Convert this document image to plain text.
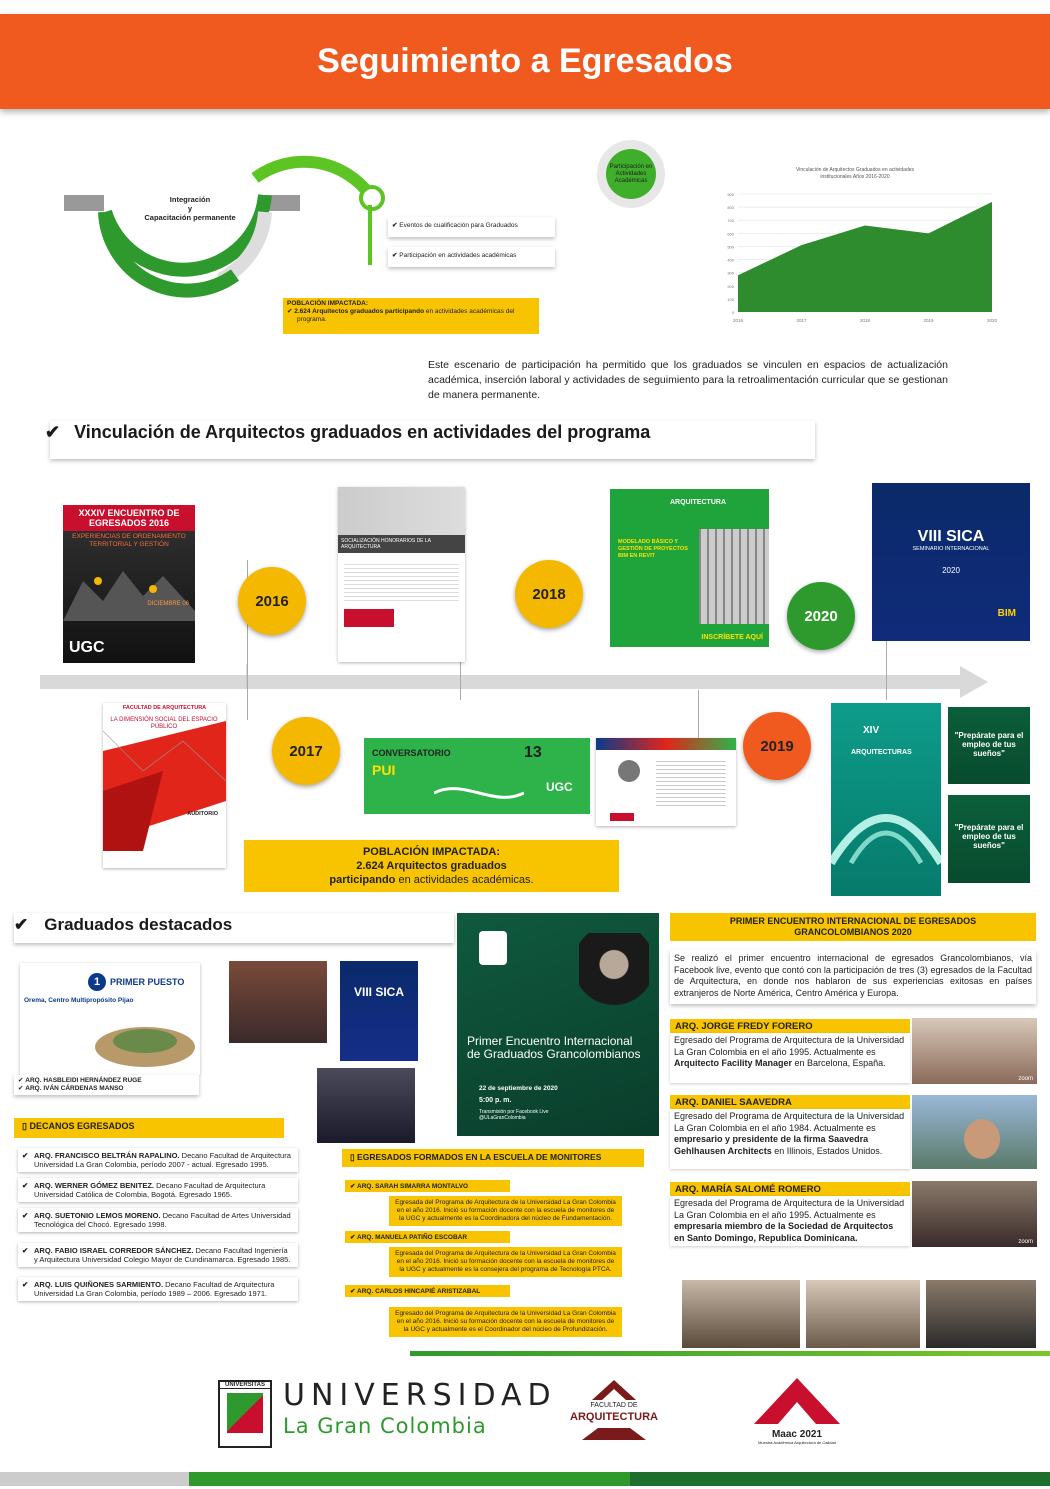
Seguimiento a Egresados
Integración
y
Capacitación permanente
✔ Eventos de cualificación para Graduados
✔ Participación en actividades académicas
POBLACIÓN IMPACTADA:
✔ 2.624 Arquitectos graduados participando en actividades académicas del programa.
Participación en Actividades Académicas
Vinculación de Arquitectos Graduados en actividades institucionales Años 2016-2020
0
100
200
300
400
500
600
700
800
900
2016	2017	2018	2019	2020
Este escenario de participación ha permitido que los graduados se vinculen en espacios de actualización académica, inserción laboral y actividades de seguimiento para la retroalimentación curricular que se gestionan de manera permanente.
✔ Vinculación de Arquitectos graduados en actividades del programa
2016
2017
2018
2019
2020
XXXIV ENCUENTRO DE EGRESADOS 2016
EXPERIENCIAS DE ORDENAMIENTO TERRITORIAL Y GESTIÓN
DICIEMBRE 06
UGC
SOCIALIZACIÓN HONORARIOS DE LA ARQUITECTURA
ARQUITECTURA
MODELADO BÁSICO Y GESTIÓN DE PROYECTOS BIM EN REVIT
INSCRÍBETE AQUÍ
VIII SICA
SEMINARIO INTERNACIONAL
2020
BIM
FACULTAD DE ARQUITECTURA
LA DIMENSIÓN SOCIAL DEL ESPACIO PÚBLICO
AUDITORIO
CONVERSATORIO
PUI
13
UGC
XIV
ARQUITECTURAS
"Prepárate para el empleo de tus sueños"
"Prepárate para el empleo de tus sueños"
POBLACIÓN IMPACTADA:
2.624 Arquitectos graduados
participando en actividades académicas.
✔ Graduados destacados
1	PRIMER PUESTO
Orema, Centro Multipropósito Pijao
✔ ARQ. HASBLEIDI HERNÁNDEZ RUGE
✔ ARQ. IVÁN CÁRDENAS MANSO
VIII SICA
▯ DECANOS EGRESADOS
✔ ARQ. FRANCISCO BELTRÁN RAPALINO. Decano Facultad de Arquitectura Universidad La Gran Colombia, período 2007 - actual. Egresado 1995.
✔ ARQ. WERNER GÓMEZ BENITEZ. Decano Facultad de Arquitectura Universidad Católica de Colombia, Bogotá. Egresado 1965.
✔ ARQ. SUETONIO LEMOS MORENO. Decano Facultad de Artes Universidad Tecnológica del Chocó. Egresado 1998.
✔ ARQ. FABIO ISRAEL CORREDOR SÁNCHEZ. Decano Facultad Ingeniería y Arquitectura Universidad Colegio Mayor de Cundinamarca. Egresado 1985.
✔ ARQ. LUIS QUIÑONES SARMIENTO. Decano Facultad de Arquitectura Universidad La Gran Colombia, período 1989 – 2006. Egresado 1971.
Primer Encuentro Internacional de Graduados Grancolombianos
22 de septiembre de 2020
5:00 p. m.
Transmisión por Facebook Live @ULaGranColombia
▯ EGRESADOS FORMADOS EN LA ESCUELA DE MONITORES
✔ ARQ. SARAH SIMARRA MONTALVO
Egresada del Programa de Arquitectura de la Universidad La Gran Colombia en el año 2016. Inició su formación docente con la escuela de monitores de la UGC y actualmente es la Coordinadora del núcleo de Fundamentación.
✔ ARQ. MANUELA PATIÑO ESCOBAR
Egresada del Programa de Arquitectura de la Universidad La Gran Colombia en el año 2016. Inició su formación docente con la escuela de monitores de la UGC y actualmente es la consejera del programa de Tecnología PTCA.
✔ ARQ. CARLOS HINCAPIÉ ARISTIZABAL
Egresado del Programa de Arquitectura de la Universidad La Gran Colombia en el año 2016. Inició su formación docente con la escuela de monitores de la UGC y actualmente es el Coordinador del núcleo de Profundización.
PRIMER ENCUENTRO INTERNACIONAL DE EGRESADOS GRANCOLOMBIANOS 2020
Se realizó el primer encuentro internacional de egresados Grancolombianos, vía Facebook live, evento que contó con la participación de tres (3) egresados de la Facultad de Arquitectura, en donde nos hablaron de sus experiencias exitosas en países extranjeros de Norte América, Centro América y Europa.
ARQ. JORGE FREDY FORERO
Egresado del Programa de Arquitectura de la Universidad La Gran Colombia en el año 1995. Actualmente es Arquitecto Facility Manager en Barcelona, España.
zoom
ARQ. DANIEL SAAVEDRA
Egresado del Programa de Arquitectura de la Universidad La Gran Colombia en el año 1984. Actualmente es empresario y presidente de la firma Saavedra Gehlhausen Architects en Illinois, Estados Unidos.
ARQ. MARÍA SALOMÉ ROMERO
Egresada del Programa de Arquitectura de la Universidad La Gran Colombia en el año 1995. Actualmente es empresaria miembro de la Sociedad de Arquitectos en Santo Domingo, Republica Dominicana.	zoom
UNIVERSITAS UNIVERSIDAD
La Gran Colombia
FACULTAD DE
ARQUITECTURA
Maac 2021
Muestra Académica Arquitectura de Calidad
